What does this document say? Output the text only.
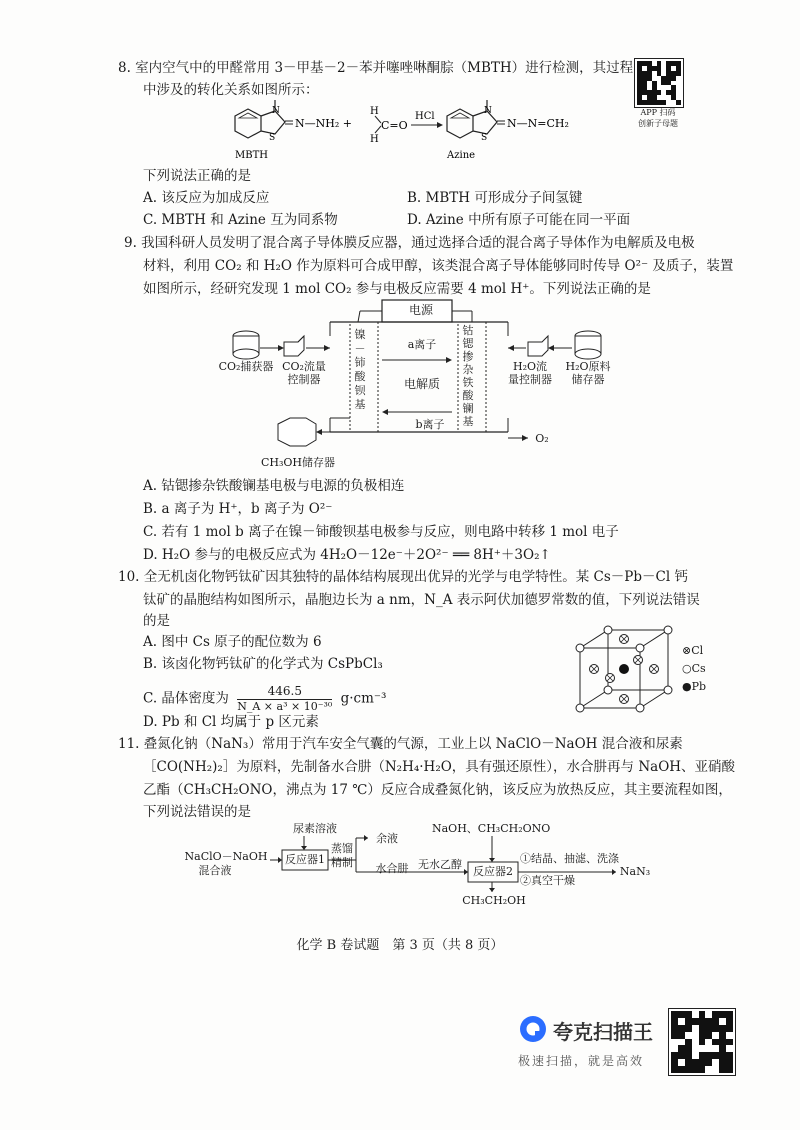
8. 室内空气中的甲醛常用 3－甲基－2－苯并噻唑啉酮腙（MBTH）进行检测，其过程
中涉及的转化关系如图所示：
APP 扫码
创新子母题
N
S
N—NH₂ +
H
H
C=O
HCl	N
S
N—N=CH₂
MBTH	Azine
下列说法正确的是
A. 该反应为加成反应	B. MBTH 可形成分子间氢键
C. MBTH 和 Azine 互为同系物	D. Azine 中所有原子可能在同一平面
9. 我国科研人员发明了混合离子导体膜反应器，通过选择合适的混合离子导体作为电解质及电极
材料，利用 CO₂ 和 H₂O 作为原料可合成甲醇，该类混合离子导体能够同时传导 O²⁻ 及质子，装置
如图所示，经研究发现 1 mol CO₂ 参与电极反应需要 4 mol H⁺。下列说法正确的是
电源
CO₂捕获器 CO₂流量控制器
镍－铈酸钡基
a离子
电解质
b离子
钴锶掺杂铁酸镧基
H₂O流量控制器
H₂O原料储存器
O₂
CH₃OH储存器
A. 钴锶掺杂铁酸镧基电极与电源的负极相连
B. a 离子为 H⁺，b 离子为 O²⁻
C. 若有 1 mol b 离子在镍－铈酸钡基电极参与反应，则电路中转移 1 mol 电子
D. H₂O 参与的电极反应式为 4H₂O－12e⁻＋2O²⁻ ══ 8H⁺＋3O₂↑
10. 全无机卤化物钙钛矿因其独特的晶体结构展现出优异的光学与电学特性。某 Cs－Pb－Cl 钙
钛矿的晶胞结构如图所示，晶胞边长为 a nm，N_A 表示阿伏加德罗常数的值，下列说法错误
的是
A. 图中 Cs 原子的配位数为 6
B. 该卤化物钙钛矿的化学式为 CsPbCl₃
C. 晶体密度为 $\frac{446.5}{\text{N\_A × a³ × 10⁻³⁰}} g\cdot cm^{-3}$
D. Pb 和 Cl 均属于 p 区元素
⊗Cl
○Cs
●Pb
11. 叠氮化钠（NaN₃）常用于汽车安全气囊的气源，工业上以 NaClO－NaOH 混合液和尿素
［CO(NH₂)₂］为原料，先制备水合肼（N₂H₄·H₂O，具有强还原性），水合肼再与 NaOH、亚硝酸
乙酯（CH₃CH₂ONO，沸点为 17 ℃）反应合成叠氮化钠，该反应为放热反应，其主要流程如图，
下列说法错误的是
尿素溶液
NaClO－NaOH
混合液
反应器1
蒸馏
精制
余液
NaOH、CH₃CH₂ONO
水合肼 无水乙醇
反应器2
①结晶、抽滤、洗涤
②真空干燥
NaN₃
CH₃CH₂OH
化学 B 卷试题　第 3 页（共 8 页）
夸克扫描王
极速扫描，就是高效
